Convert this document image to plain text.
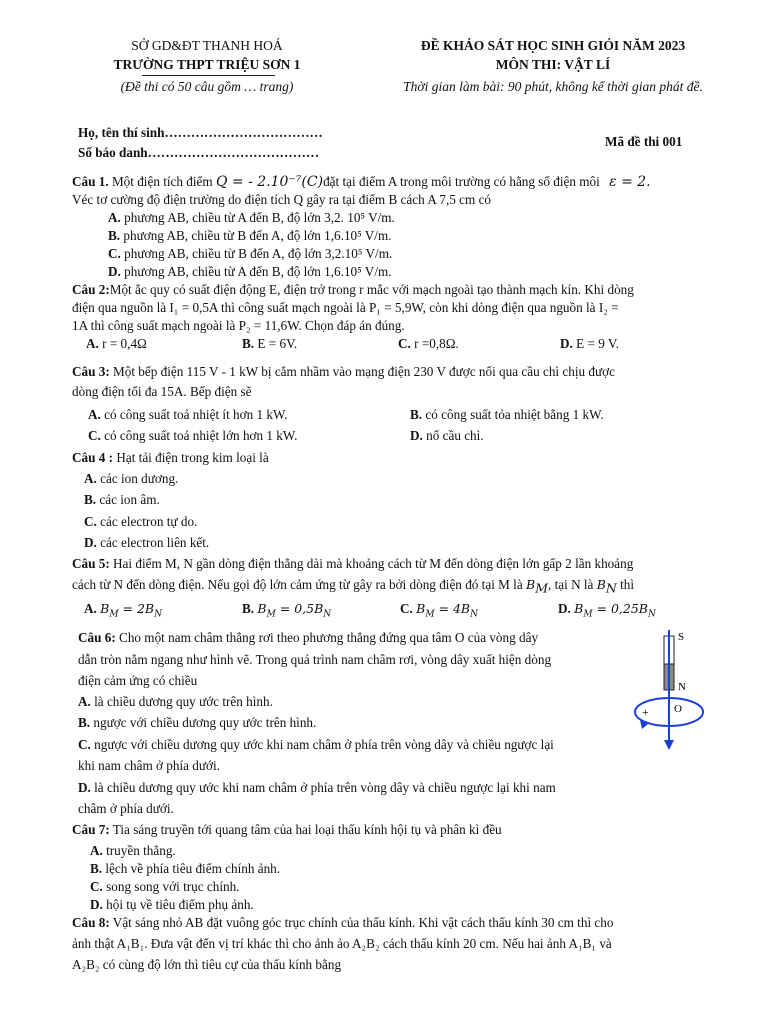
SỞ GD&ĐT THANH HOÁ
TRƯỜNG THPT TRIỆU SƠN 1
(Đề thi có 50 câu gồm … trang)
ĐỀ KHẢO SÁT HỌC SINH GIỎI NĂM 2023
MÔN THI: VẬT LÍ
Thời gian làm bài: 90 phút, không kể thời gian phát đề.
Họ, tên thí sinh………………………………
Số báo danh…………………………………
Mã đề thi 001
Câu 1. Một điện tích điểm Q = - 2.10⁻⁷(C)đặt tại điểm A trong môi trường có hằng số điện môi ε = 2.
Véc tơ cường độ điện trường do điện tích Q gây ra tại điểm B cách A 7,5 cm có
A. phương AB, chiều từ A đến B, độ lớn 3,2. 10⁵ V/m.
B. phương AB, chiều từ B đến A, độ lớn 1,6.10⁵ V/m.
C. phương AB, chiều từ B đến A, độ lớn 3,2.10⁵ V/m.
D. phương AB, chiều từ A đến B, độ lớn 1,6.10⁵ V/m.
Câu 2:Một ắc quy có suất điện động E, điện trở trong r mắc với mạch ngoài tạo thành mạch kín. Khi dòng
điện qua nguồn là I₁ = 0,5A thì công suất mạch ngoài là P₁ = 5,9W, còn khi dòng điện qua nguồn là I₂ =
1A thì công suất mạch ngoài là P₂ = 11,6W. Chọn đáp án đúng.
A. r = 0,4Ω	B. E = 6V.	C. r =0,8Ω.	D. E = 9 V.
Câu 3: Một bếp điện 115 V - 1 kW bị cắm nhầm vào mạng điện 230 V được nối qua cầu chì chịu được
dòng điện tối đa 15A. Bếp điện sẽ
A. có công suất toả nhiệt ít hơn 1 kW.	B. có công suất tỏa nhiệt bằng 1 kW.
C. có công suất toả nhiệt lớn hơn 1 kW.	D. nổ cầu chì.
Câu 4 : Hạt tải điện trong kim loại là
A. các ion dương.
B. các ion âm.
C. các electron tự do.
D. các electron liên kết.
Câu 5: Hai điểm M, N gần dòng điện thẳng dài mà khoảng cách từ M đến dòng điện lớn gấp 2 lần khoảng
cách từ N đến dòng điện. Nếu gọi độ lớn cảm ứng từ gây ra bởi dòng điện đó tại M là $B_M$, tại N là $B_N$ thì
A. $B_M = 2B_N$	B. $B_M = 0,5B_N$	C. $B_M = 4B_N$	D. $B_M = 0,25B_N$
Câu 6: Cho một nam châm thẳng rơi theo phương thẳng đứng qua tâm O của vòng dây
dẫn tròn nằm ngang như hình vẽ. Trong quá trình nam châm rơi, vòng dây xuất hiện dòng
điện cảm ứng có chiều
A. là chiều dương quy ước trên hình.
B. ngược với chiều dương quy ước trên hình.
C. ngược với chiều dương quy ước khi nam châm ở phía trên vòng dây và chiều ngược lại
khi nam châm ở phía dưới.
D. là chiều dương quy ước khi nam châm ở phía trên vòng dây và chiều ngược lại khi nam
châm ở phía dưới.
S
N
O
+
Câu 7: Tia sáng truyền tới quang tâm của hai loại thấu kính hội tụ và phân kì đều
A. truyền thẳng.
B. lệch về phía tiêu điểm chính ảnh.
C. song song với trục chính.
D. hội tụ về tiêu điểm phụ ảnh.
Câu 8: Vật sáng nhỏ AB đặt vuông góc trục chính của thấu kính. Khi vật cách thấu kính 30 cm thì cho
ảnh thật A₁B₁. Đưa vật đến vị trí khác thì cho ảnh ảo A₂B₂ cách thấu kính 20 cm. Nếu hai ảnh A₁B₁ và
A₂B₂ có cùng độ lớn thì tiêu cự của thấu kính bằng
